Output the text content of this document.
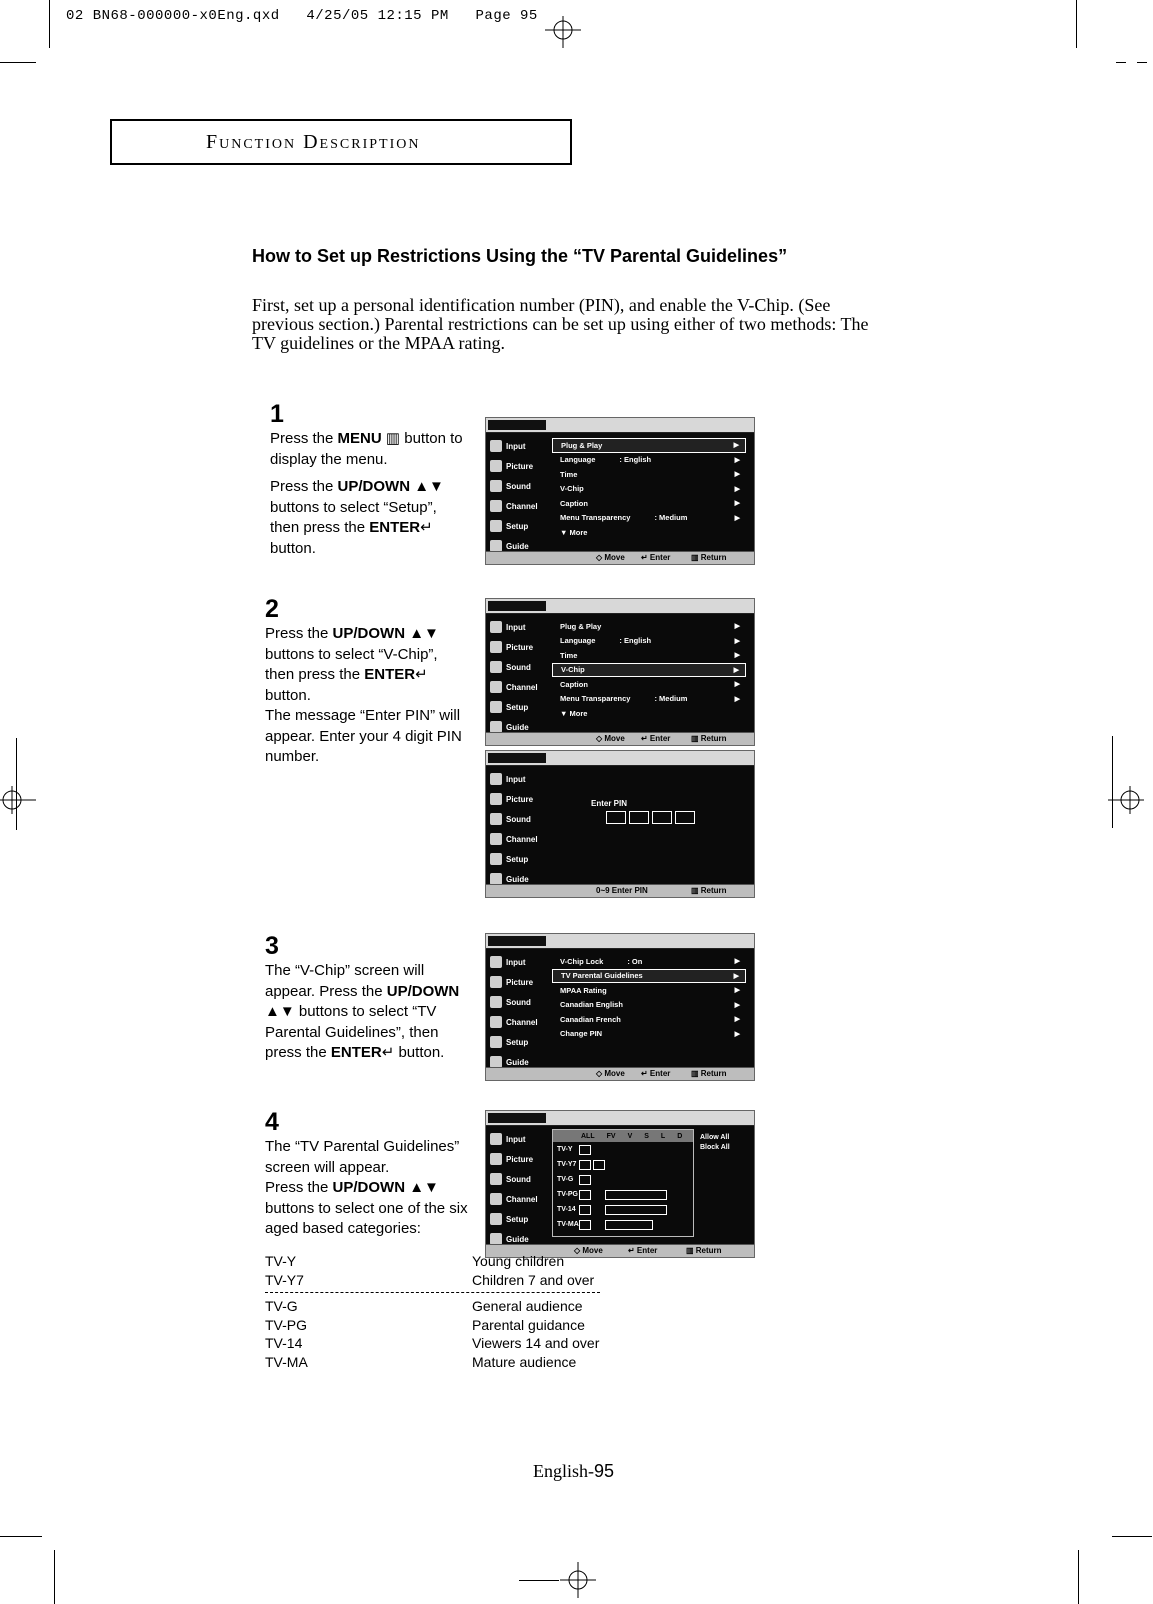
02 BN68-000000-x0Eng.qxd 4/25/05 12:15 PM Page 95
Function Description
How to Set up Restrictions Using the “TV Parental Guidelines”
First, set up a personal identification number (PIN), and enable the V-Chip. (See previous section.) Parental restrictions can be set up using either of two methods: The TV guidelines or the MPAA rating.
1

Press the MENU ▥ button to display the menu.

Press the UP/DOWN ▲▼ buttons to select “Setup”, then press the ENTER↵ button.

Input
Picture
Sound
Channel
Setup
Guide
Plug & Play	▶
Language	: English	▶
Time	▶
V-Chip	▶
Caption	▶
Menu Transparency	: Medium	▶
▼ More
◇ Move ↵ Enter	▥ Return
2

Press the UP/DOWN ▲▼ buttons to select “V-Chip”, then press the ENTER↵ button.

The message “Enter PIN” will appear. Enter your 4 digit PIN number.

Input
Picture
Sound
Channel
Setup
Guide
Plug & Play	▶
Language	: English	▶
Time	▶
V-Chip	▶
Caption	▶
Menu Transparency	: Medium	▶
▼ More
◇ Move ↵ Enter	▥ Return
Input
Picture
Sound
Channel
Setup
Guide
Enter PIN
0~9 Enter PIN	▥ Return
3

The “V-Chip” screen will appear. Press the UP/DOWN ▲▼ buttons to select “TV Parental Guidelines”, then press the ENTER↵ button.

Input
Picture
Sound
Channel
Setup
Guide
V-Chip Lock	: On	▶
TV Parental Guidelines	▶
MPAA Rating	▶
Canadian English	▶
Canadian French	▶
Change PIN	▶
◇ Move ↵ Enter	▥ Return
4

The “TV Parental Guidelines” screen will appear.

Press the UP/DOWN ▲▼ buttons to select one of the six aged based categories:

Input
Picture
Sound
Channel
Setup
Guide
ALL FV V S L D
TV-Y
TV-Y7
TV-G
TV-PG
TV-14
TV-MA
Allow All
Block All
◇ Move	↵ Enter	▥ Return
TV-Y	Young children
TV-Y7	Children 7 and over
TV-G	General audience
TV-PG	Parental guidance
TV-14	Viewers 14 and over
TV-MA	Mature audience
English-95
